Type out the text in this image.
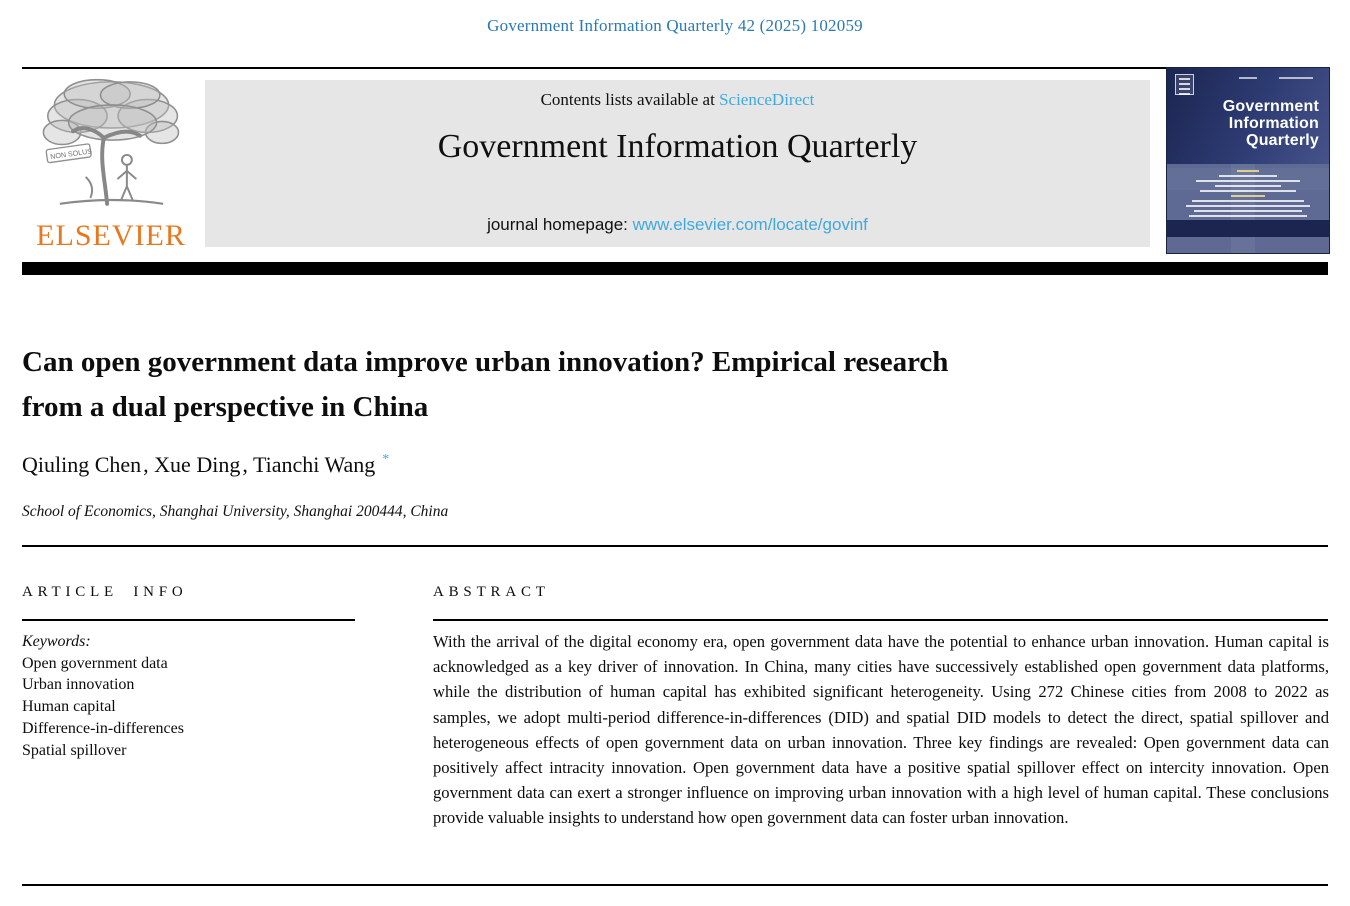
Government Information Quarterly 42 (2025) 102059
NON SOLUS
ELSEVIER
Contents lists available at ScienceDirect
Government Information Quarterly
journal homepage: www.elsevier.com/locate/govinf
Government
Information
Quarterly
Can open government data improve urban innovation? Empirical research
from a dual perspective in China
Qiuling Chen, Xue Ding, Tianchi Wang *
School of Economics, Shanghai University, Shanghai 200444, China
ARTICLE INFO
Keywords:
Open government data
Urban innovation
Human capital
Difference-in-differences
Spatial spillover
ABSTRACT
With the arrival of the digital economy era, open government data have the potential to enhance urban innovation. Human capital is acknowledged as a key driver of innovation. In China, many cities have successively established open government data platforms, while the distribution of human capital has exhibited significant heterogeneity. Using 272 Chinese cities from 2008 to 2022 as samples, we adopt multi-period difference-in-differences (DID) and spatial DID models to detect the direct, spatial spillover and heterogeneous effects of open government data on urban innovation. Three key findings are revealed: Open government data can positively affect intracity innovation. Open government data have a positive spatial spillover effect on intercity innovation. Open government data can exert a stronger influence on improving urban innovation with a high level of human capital. These conclusions provide valuable insights to understand how open government data can foster urban innovation.
